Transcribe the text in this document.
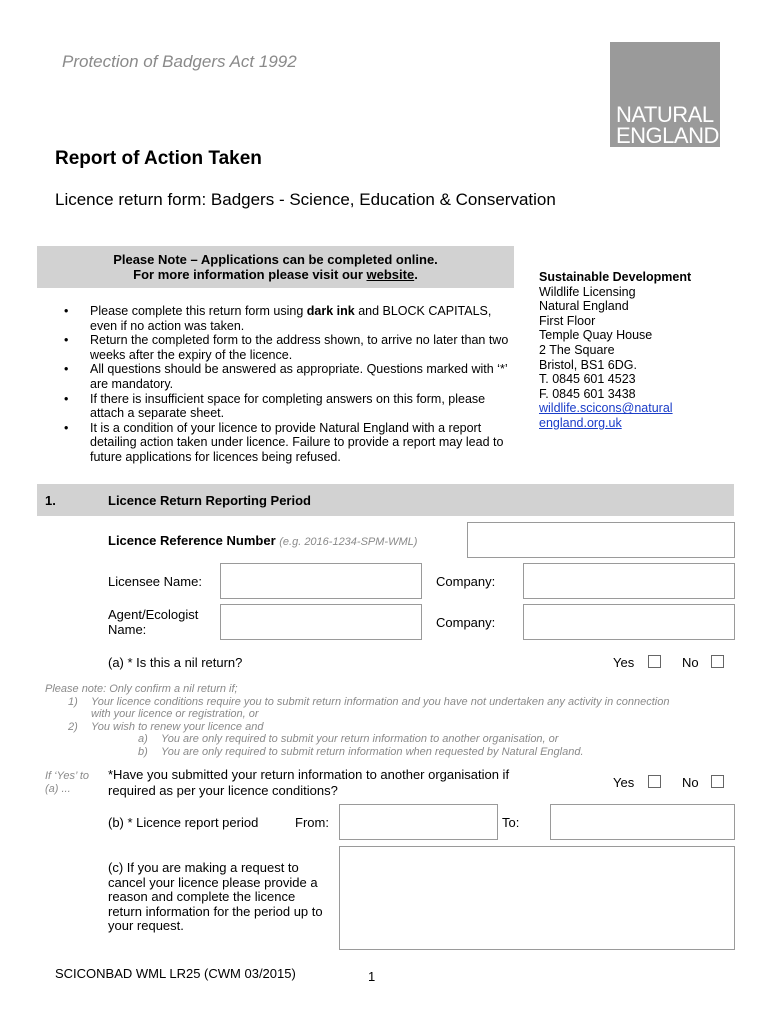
Protection of Badgers Act 1992
NATURAL
ENGLAND
Report of Action Taken
Licence return form: Badgers - Science, Education & Conservation
Please Note – Applications can be completed online.
For more information please visit our website.
• Please complete this return form using dark ink and BLOCK CAPITALS, even if no action was taken.
• Return the completed form to the address shown, to arrive no later than two weeks after the expiry of the licence.
• All questions should be answered as appropriate. Questions marked with ‘*’ are mandatory.
• If there is insufficient space for completing answers on this form, please attach a separate sheet.
• It is a condition of your licence to provide Natural England with a report detailing action taken under licence. Failure to provide a report may lead to future applications for licences being refused.
Sustainable Development
Wildlife Licensing
Natural England
First Floor
Temple Quay House
2 The Square
Bristol, BS1 6DG.
T. 0845 601 4523
F. 0845 601 3438
wildlife.scicons@natural
england.org.uk
1.	Licence Return Reporting Period
Licence Reference Number (e.g. 2016-1234-SPM-WML)
Licensee Name:	Company:
Agent/Ecologist
Name:	Company:
(a) * Is this a nil return?	Yes	No
Please note: Only confirm a nil return if;
1) Your licence conditions require you to submit return information and you have not undertaken any activity in connection
with your licence or registration, or
2) You wish to renew your licence and
a) You are only required to submit your return information to another organisation, or
b) You are only required to submit return information when requested by Natural England.
If ‘Yes’ to
(a) ...
*Have you submitted your return information to another organisation if
required as per your licence conditions?
Yes	No
(b) * Licence report period	From:	To:
(c) If you are making a request to
cancel your licence please provide a
reason and complete the licence
return information for the period up to
your request.
SCICONBAD WML LR25 (CWM 03/2015)	1
